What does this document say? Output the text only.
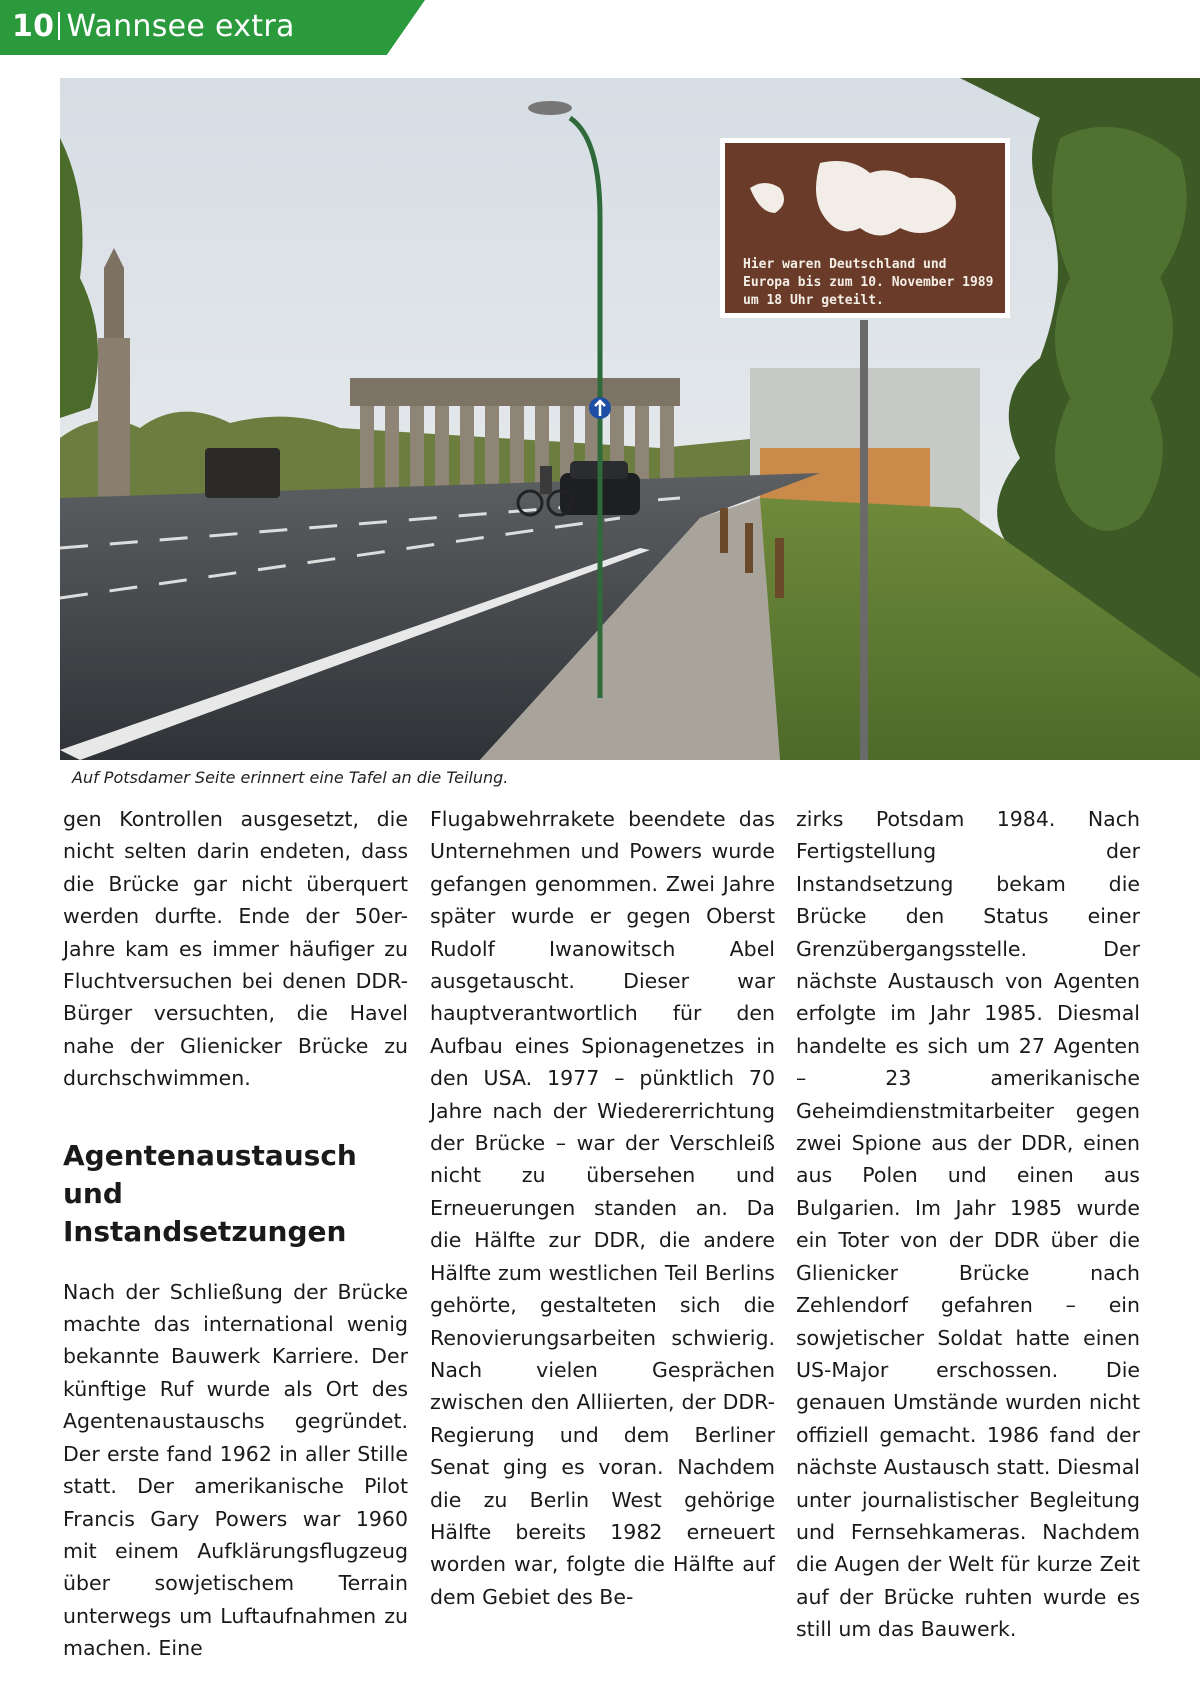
10 Wannsee extra
Hier waren Deutschland und
Europa bis zum 10. November 1989
um 18 Uhr geteilt.
Auf Potsdamer Seite erinnert eine Tafel an die Teilung.

gen Kontrollen ausgesetzt, die nicht selten darin endeten, dass die Brücke gar nicht überquert werden durfte. Ende der 50er-Jahre kam es immer häufiger zu Fluchtversuchen bei denen DDR-Bürger versuchten, die Havel nahe der Glienicker Brücke zu durchschwimmen.

Agentenaustausch und Instandsetzungen

Nach der Schließung der Brücke machte das international wenig bekannte Bauwerk Karriere. Der künftige Ruf wurde als Ort des Agentenaustauschs gegründet. Der erste fand 1962 in aller Stille statt. Der amerikanische Pilot Francis Gary Powers war 1960 mit einem Aufklärungsflugzeug über sowjetischem Terrain unterwegs um Luftaufnahmen zu machen. Eine

Flugabwehrrakete beendete das Unternehmen und Powers wurde gefangen genommen. Zwei Jahre später wurde er gegen Oberst Rudolf Iwanowitsch Abel ausgetauscht. Dieser war hauptverantwortlich für den Aufbau eines Spionagenetzes in den USA. 1977 – pünktlich 70 Jahre nach der Wiedererrichtung der Brücke – war der Verschleiß nicht zu übersehen und Erneuerungen standen an. Da die Hälfte zur DDR, die andere Hälfte zum westlichen Teil Berlins gehörte, gestalteten sich die Renovierungsarbeiten schwierig. Nach vielen Gesprächen zwischen den Alliierten, der DDR-Regierung und dem Berliner Senat ging es voran. Nachdem die zu Berlin West gehörige Hälfte bereits 1982 erneuert worden war, folgte die Hälfte auf dem Gebiet des Be-

zirks Potsdam 1984. Nach Fertigstellung der Instandsetzung bekam die Brücke den Status einer Grenzübergangsstelle. Der nächste Austausch von Agenten erfolgte im Jahr 1985. Diesmal handelte es sich um 27 Agenten – 23 amerikanische Geheimdienstmitarbeiter gegen zwei Spione aus der DDR, einen aus Polen und einen aus Bulgarien. Im Jahr 1985 wurde ein Toter von der DDR über die Glienicker Brücke nach Zehlendorf gefahren – ein sowjetischer Soldat hatte einen US-Major erschossen. Die genauen Umstände wurden nicht offiziell gemacht. 1986 fand der nächste Austausch statt. Diesmal unter journalistischer Begleitung und Fernsehkameras. Nachdem die Augen der Welt für kurze Zeit auf der Brücke ruhten wurde es still um das Bauwerk.
